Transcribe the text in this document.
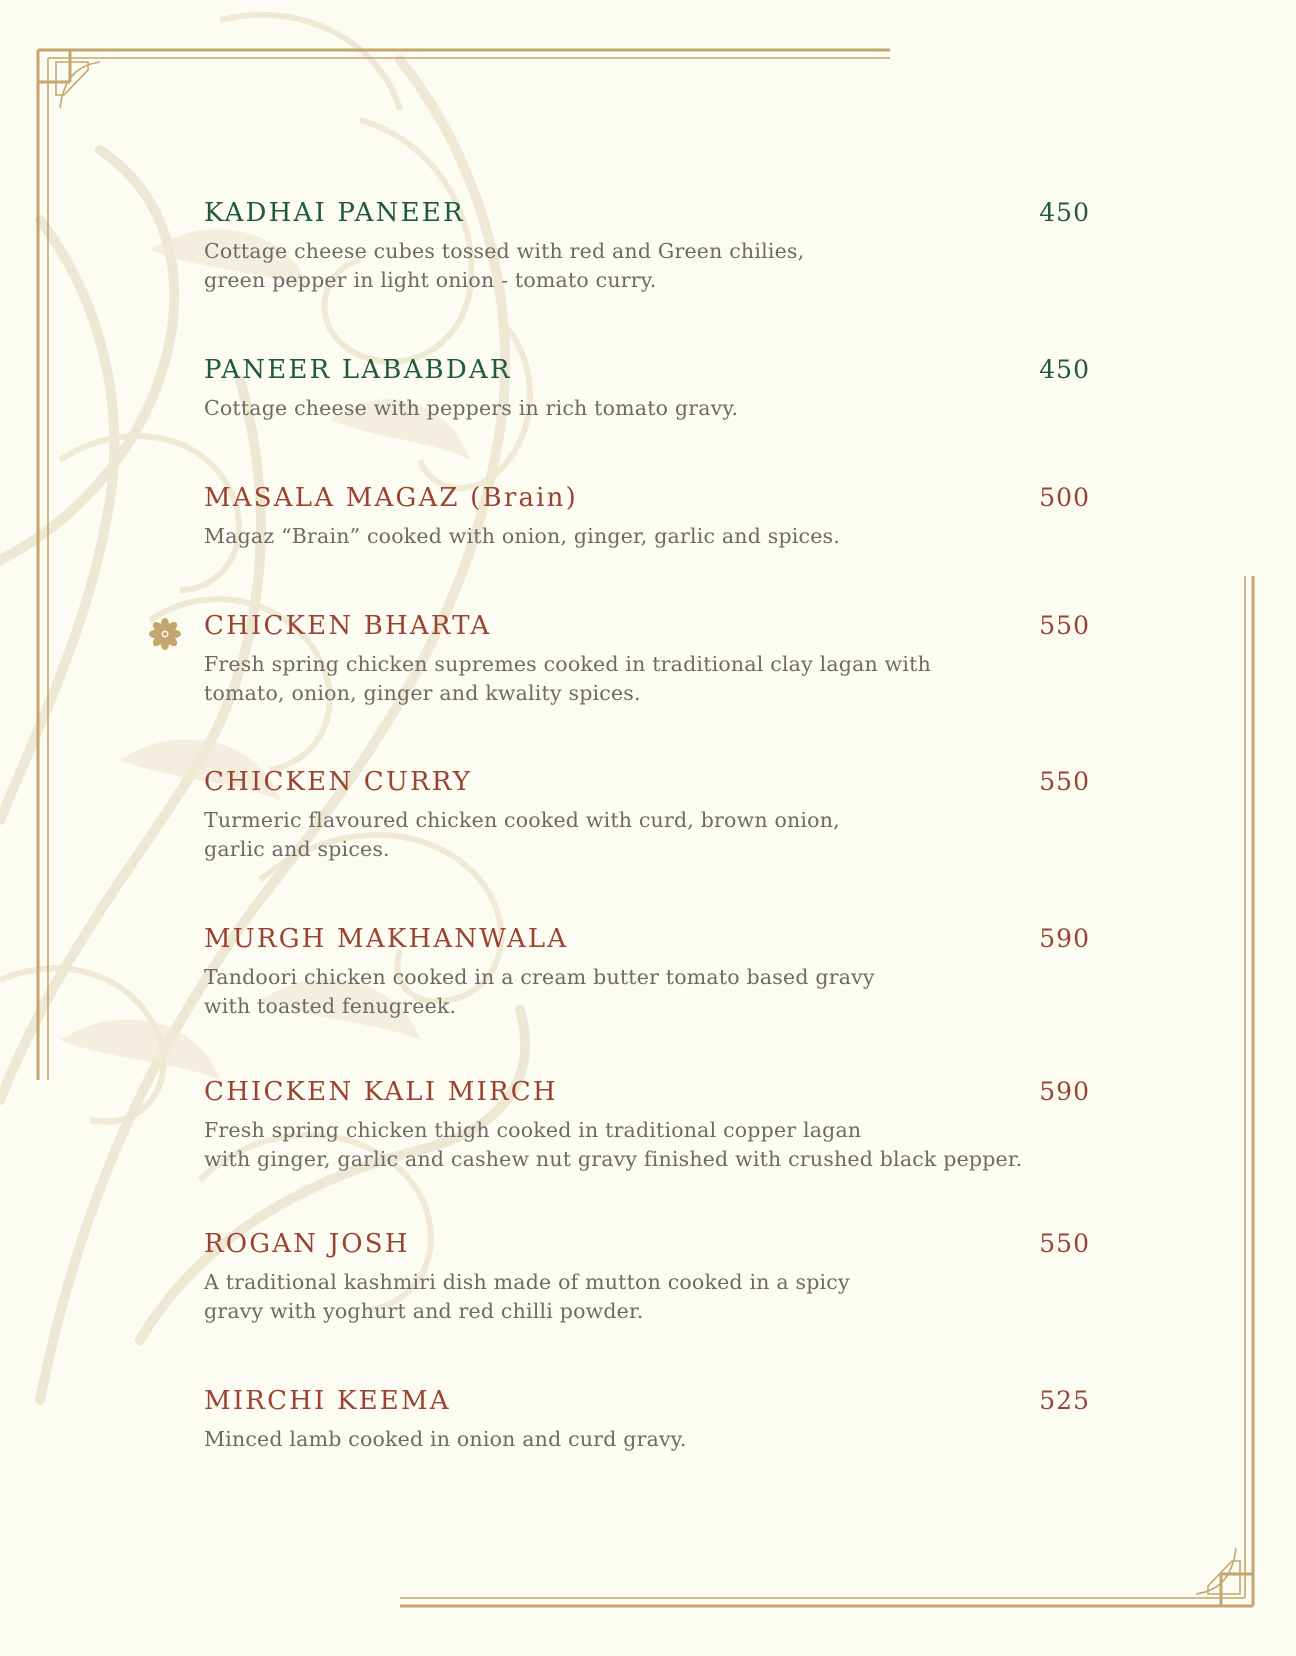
KADHAI PANEER	450
Cottage cheese cubes tossed with red and Green chilies,
green pepper in light onion - tomato curry.
PANEER LABABDAR	450
Cottage cheese with peppers in rich tomato gravy.
MASALA MAGAZ (Brain)	500
Magaz “Brain” cooked with onion, ginger, garlic and spices.
CHICKEN BHARTA	550
Fresh spring chicken supremes cooked in traditional clay lagan with
tomato, onion, ginger and kwality spices.
CHICKEN CURRY	550
Turmeric flavoured chicken cooked with curd, brown onion,
garlic and spices.
MURGH MAKHANWALA	590
Tandoori chicken cooked in a cream butter tomato based gravy
with toasted fenugreek.
CHICKEN KALI MIRCH	590
Fresh spring chicken thigh cooked in traditional copper lagan
with ginger, garlic and cashew nut gravy finished with crushed black pepper.
ROGAN JOSH	550
A traditional kashmiri dish made of mutton cooked in a spicy
gravy with yoghurt and red chilli powder.
MIRCHI KEEMA	525
Minced lamb cooked in onion and curd gravy.
